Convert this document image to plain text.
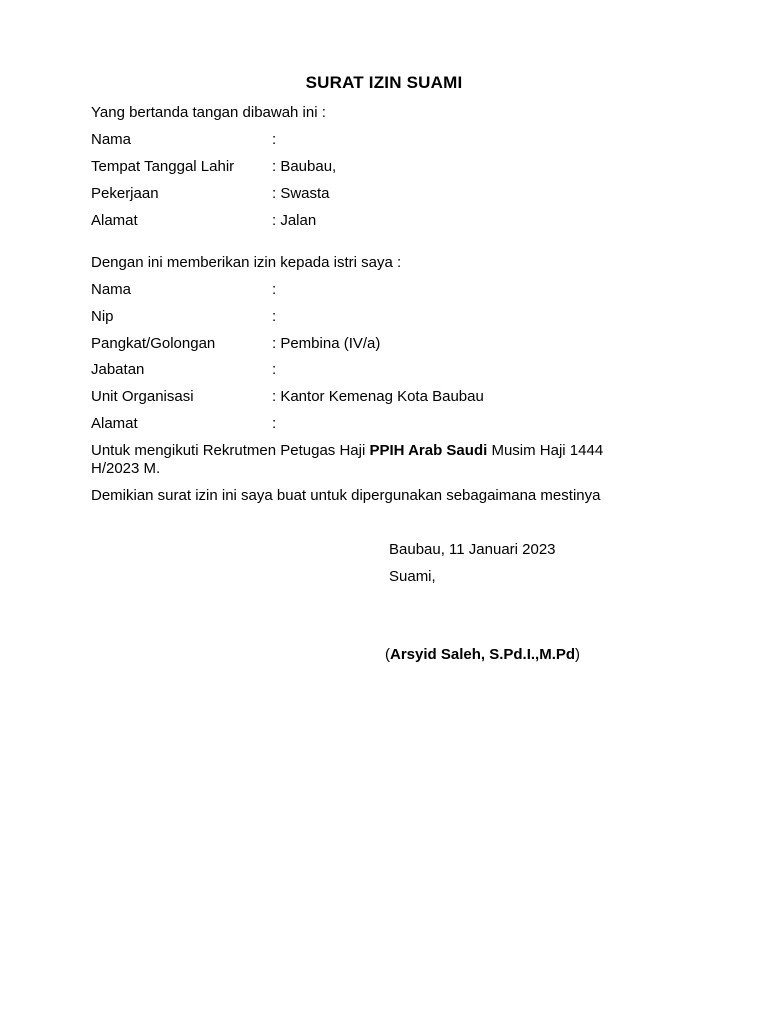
SURAT IZIN SUAMI
Yang bertanda tangan dibawah ini :
Nama	:
Tempat Tanggal Lahir	: Baubau,
Pekerjaan	: Swasta
Alamat	: Jalan
Dengan ini memberikan izin kepada istri saya :
Nama	:
Nip	:
Pangkat/Golongan	: Pembina (IV/a)
Jabatan	:
Unit Organisasi	: Kantor Kemenag Kota Baubau
Alamat	:
Untuk mengikuti Rekrutmen Petugas Haji PPIH Arab Saudi Musim Haji 1444 H/2023 M.
Demikian surat izin ini saya buat untuk dipergunakan sebagaimana mestinya
Baubau, 11 Januari 2023
Suami,
(Arsyid Saleh, S.Pd.I.,M.Pd)
